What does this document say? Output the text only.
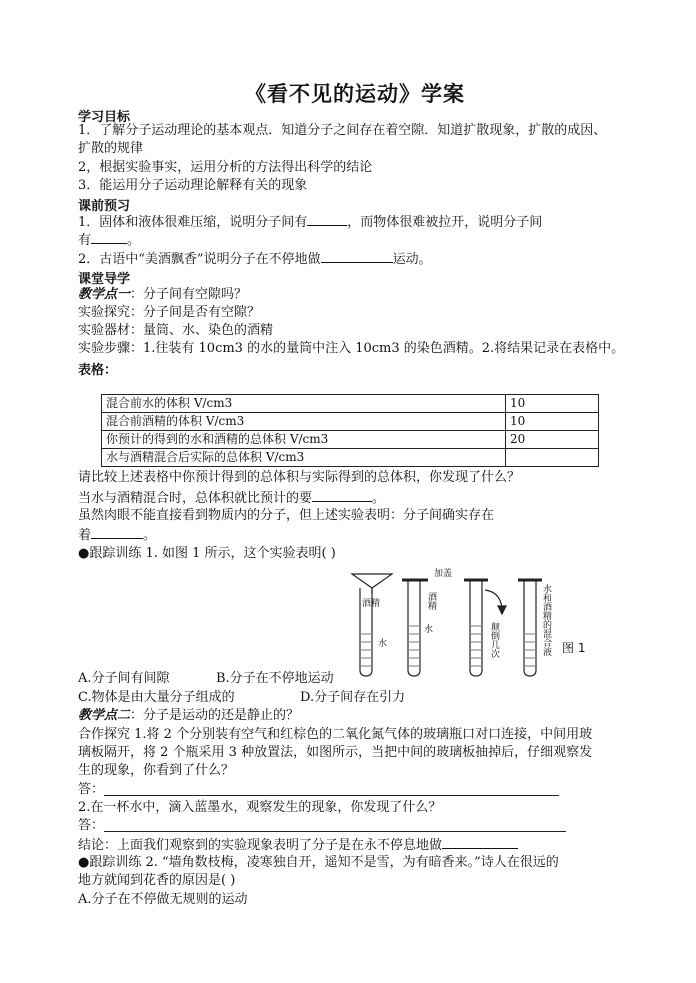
《看不见的运动》学案
学习目标
1．了解分子运动理论的基本观点．知道分子之间存在着空隙．知道扩散现象，扩散的成因、
扩散的规律
2，根据实验事实，运用分析的方法得出科学的结论
3．能运用分子运动理论解释有关的现象
课前预习
1．固体和液体很难压缩，说明分子间有	，而物体很难被拉开，说明分子间
有	。
2．古语中“美酒飘香”说明分子在不停地做	运动。
课堂导学
教学点一：分子间有空隙吗？
实验探究：分子间是否有空隙？
实验器材：量筒、水、染色的酒精
实验步骤：1.往装有 10cm3 的水的量筒中注入 10cm3 的染色酒精。2.将结果记录在表格中。
表格：
混合前水的体积 V/cm3	10
混合前酒精的体积 V/cm3	10
你预计的得到的水和酒精的总体积 V/cm3	20
水与酒精混合后实际的总体积 V/cm3	
请比较上述表格中你预计得到的总体积与实际得到的总体积，你发现了什么？
当水与酒精混合时，总体积就比预计的要	。
虽然肉眼不能直接看到物质内的分子，但上述实验表明：分子间确实存在
着	。
●跟踪训练 1. 如图 1 所示，这个实验表明( )
加盖
酒精
水
水
图 1
酒精
颠倒几次	水和酒精的混合液
A.分子间有间隙	B.分子在不停地运动
C.物体是由大量分子组成的	D.分子间存在引力
教学点二：分子是运动的还是静止的？
合作探究 1.将 2 个分别装有空气和红棕色的二氧化氮气体的玻璃瓶口对口连接，中间用玻
璃板隔开，将 2 个瓶采用 3 种放置法，如图所示，当把中间的玻璃板抽掉后，仔细观察发
生的现象，你看到了什么？
答：
2.在一杯水中，滴入蓝墨水，观察发生的现象，你发现了什么？
答：
结论：上面我们观察到的实验现象表明了分子是在永不停息地做
●跟踪训练 2. “墙角数枝梅，凌寒独自开，遥知不是雪，为有暗香来。”诗人在很远的
地方就闻到花香的原因是( )
A.分子在不停做无规则的运动
